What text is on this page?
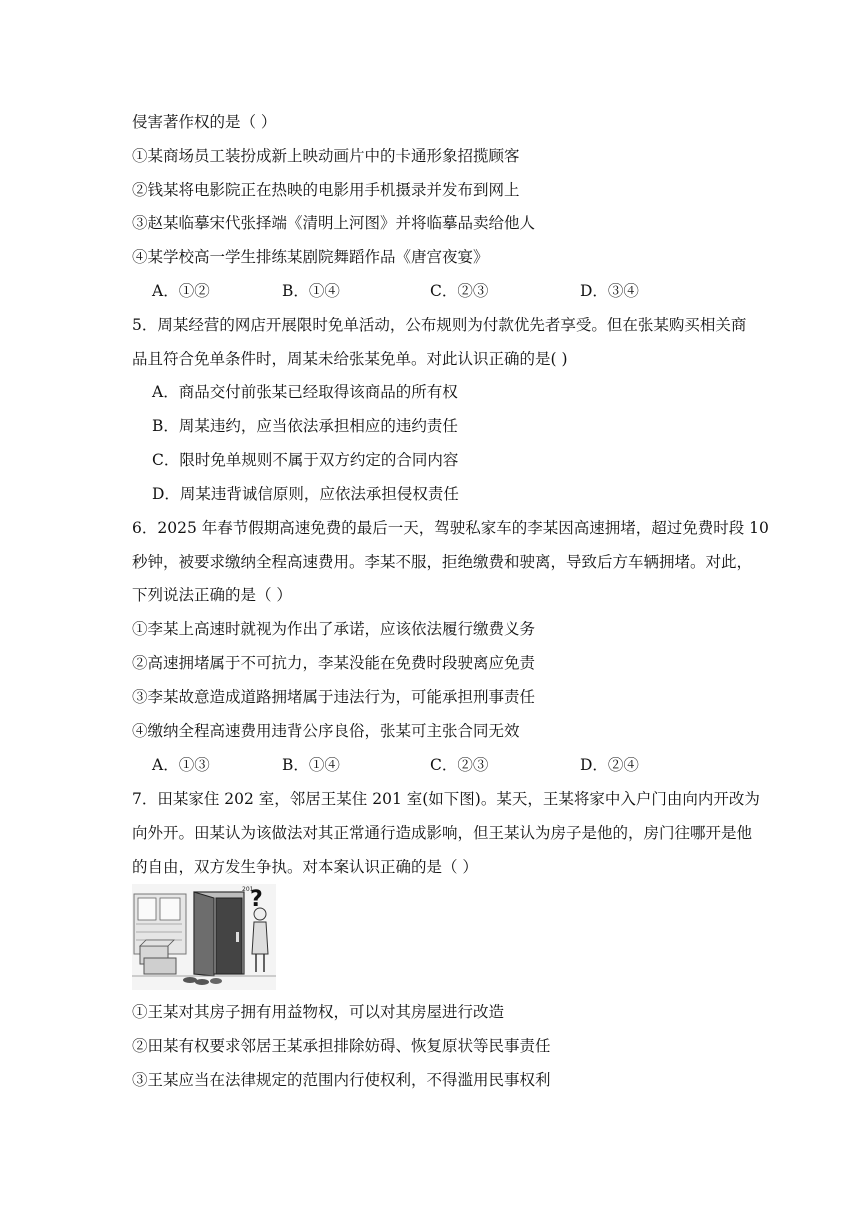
侵害著作权的是（ ）
①某商场员工装扮成新上映动画片中的卡通形象招揽顾客
②钱某将电影院正在热映的电影用手机摄录并发布到网上
③赵某临摹宋代张择端《清明上河图》并将临摹品卖给他人
④某学校高一学生排练某剧院舞蹈作品《唐宫夜宴》
A．①②	B．①④	C．②③	D．③④
5．周某经营的网店开展限时免单活动，公布规则为付款优先者享受。但在张某购买相关商
品且符合免单条件时，周某未给张某免单。对此认识正确的是( )
A．商品交付前张某已经取得该商品的所有权
B．周某违约，应当依法承担相应的违约责任
C．限时免单规则不属于双方约定的合同内容
D．周某违背诚信原则，应依法承担侵权责任
6．2025 年春节假期高速免费的最后一天，驾驶私家车的李某因高速拥堵，超过免费时段 10
秒钟，被要求缴纳全程高速费用。李某不服，拒绝缴费和驶离，导致后方车辆拥堵。对此，
下列说法正确的是（ ）
①李某上高速时就视为作出了承诺，应该依法履行缴费义务
②高速拥堵属于不可抗力，李某没能在免费时段驶离应免责
③李某故意造成道路拥堵属于违法行为，可能承担刑事责任
④缴纳全程高速费用违背公序良俗，张某可主张合同无效
A．①③	B．①④	C．②③	D．②④
7．田某家住 202 室，邻居王某住 201 室(如下图)。某天，王某将家中入户门由向内开改为
向外开。田某认为该做法对其正常通行造成影响，但王某认为房子是他的，房门往哪开是他
的自由，双方发生争执。对本案认识正确的是（ ）
201
?
①王某对其房子拥有用益物权，可以对其房屋进行改造
②田某有权要求邻居王某承担排除妨碍、恢复原状等民事责任
③王某应当在法律规定的范围内行使权利，不得滥用民事权利
